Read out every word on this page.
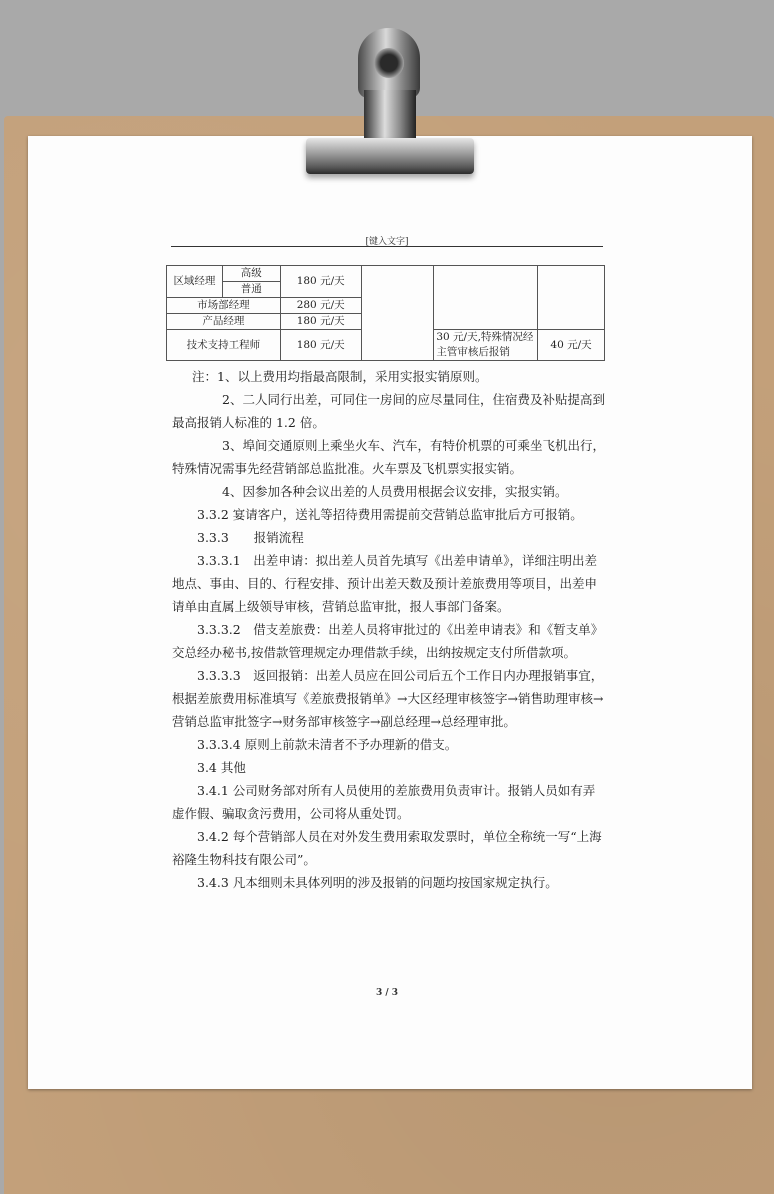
[键入文字]
区域经理	高级	180 元/天			
	普通				
市场部经理		280 元/天			
产品经理		180 元/天			
技术支持工程师		180 元/天		30 元/天,特殊情况经主管审核后报销	40 元/天

注：1、以上费用均指最高限制，采用实报实销原则。

2、二人同行出差，可同住一房间的应尽量同住，住宿费及补贴提高到最高报销人标准的 1.2 倍。

3、埠间交通原则上乘坐火车、汽车，有特价机票的可乘坐飞机出行，特殊情况需事先经营销部总监批准。火车票及飞机票实报实销。

4、因参加各种会议出差的人员费用根据会议安排，实报实销。

3.3.2 宴请客户，送礼等招待费用需提前交营销总监审批后方可报销。

3.3.3　　报销流程

3.3.3.1　出差申请：拟出差人员首先填写《出差申请单》，详细注明出差地点、事由、目的、行程安排、预计出差天数及预计差旅费用等项目，出差申请单由直属上级领导审核，营销总监审批，报人事部门备案。

3.3.3.2　借支差旅费：出差人员将审批过的《出差申请表》和《暂支单》交总经办秘书,按借款管理规定办理借款手续，出纳按规定支付所借款项。

3.3.3.3　返回报销：出差人员应在回公司后五个工作日内办理报销事宜，根据差旅费用标准填写《差旅费报销单》→大区经理审核签字→销售助理审核→营销总监审批签字→财务部审核签字→副总经理→总经理审批。

3.3.3.4 原则上前款未清者不予办理新的借支。

3.4 其他

3.4.1 公司财务部对所有人员使用的差旅费用负责审计。报销人员如有弄虚作假、骗取贪污费用，公司将从重处罚。

3.4.2 每个营销部人员在对外发生费用索取发票时，单位全称统一写“上海裕隆生物科技有限公司”。

3.4.3 凡本细则未具体列明的涉及报销的问题均按国家规定执行。

3 / 3
